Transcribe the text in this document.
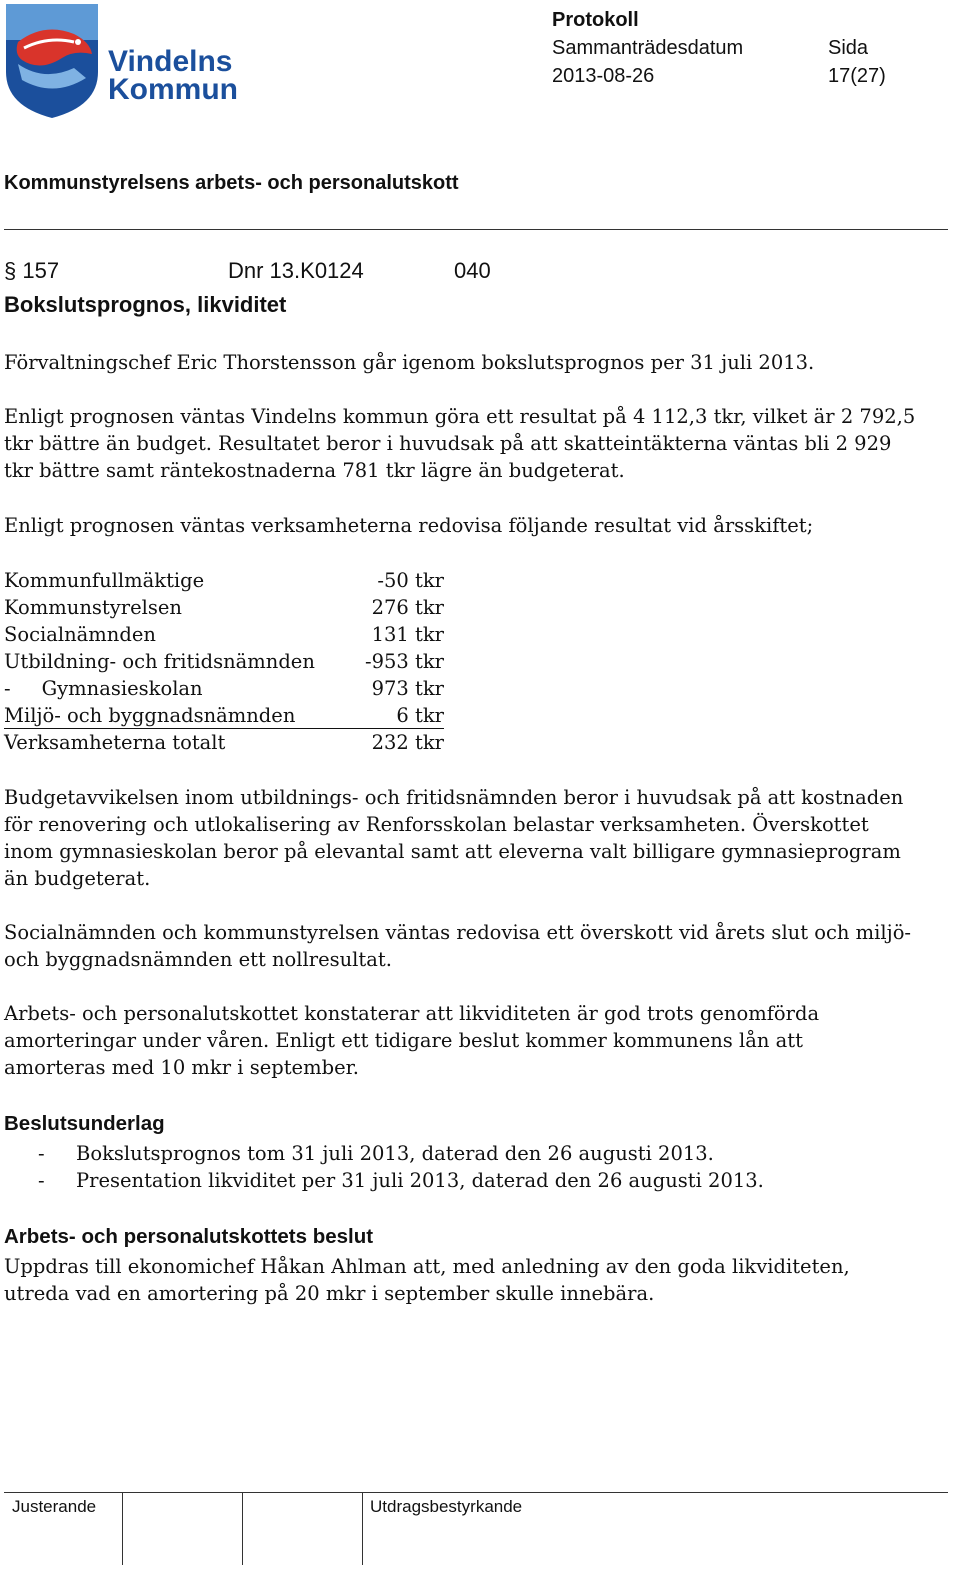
Vindelns
Kommun
Protokoll
Sammanträdesdatum	Sida
2013-08-26	17(27)
Kommunstyrelsens arbets- och personalutskott
§ 157	Dnr 13.K0124	040
Bokslutsprognos, likviditet

Förvaltningschef Eric Thorstensson går igenom bokslutsprognos per 31 juli 2013.

Enligt prognosen väntas Vindelns kommun göra ett resultat på 4 112,3 tkr, vilket är 2 792,5 tkr bättre än budget. Resultatet beror i huvudsak på att skatteintäkterna väntas bli 2 929 tkr bättre samt räntekostnaderna 781 tkr lägre än budgeterat.

Enligt prognosen väntas verksamheterna redovisa följande resultat vid årsskiftet;

Kommunfullmäktige	-50 tkr
Kommunstyrelsen	276 tkr
Socialnämnden	131 tkr
Utbildning- och fritidsnämnden	-953 tkr
-     Gymnasieskolan	973 tkr
Miljö- och byggnadsnämnden	6 tkr
Verksamheterna totalt	232 tkr

Budgetavvikelsen inom utbildnings- och fritidsnämnden beror i huvudsak på att kostnaden för renovering och utlokalisering av Renforsskolan belastar verksamheten. Överskottet inom gymnasieskolan beror på elevantal samt att eleverna valt billigare gymnasieprogram än budgeterat.

Socialnämnden och kommunstyrelsen väntas redovisa ett överskott vid årets slut och miljö- och byggnadsnämnden ett nollresultat.

Arbets- och personalutskottet konstaterar att likviditeten är god trots genomförda amorteringar under våren. Enligt ett tidigare beslut kommer kommunens lån att amorteras med 10 mkr i september.

Beslutsunderlag
- Bokslutsprognos tom 31 juli 2013, daterad den 26 augusti 2013.
- Presentation likviditet per 31 juli 2013, daterad den 26 augusti 2013.
Arbets- och personalutskottets beslut

Uppdras till ekonomichef Håkan Ahlman att, med anledning av den goda likviditeten, utreda vad en amortering på 20 mkr i september skulle innebära.

Justerande	Utdragsbestyrkande
